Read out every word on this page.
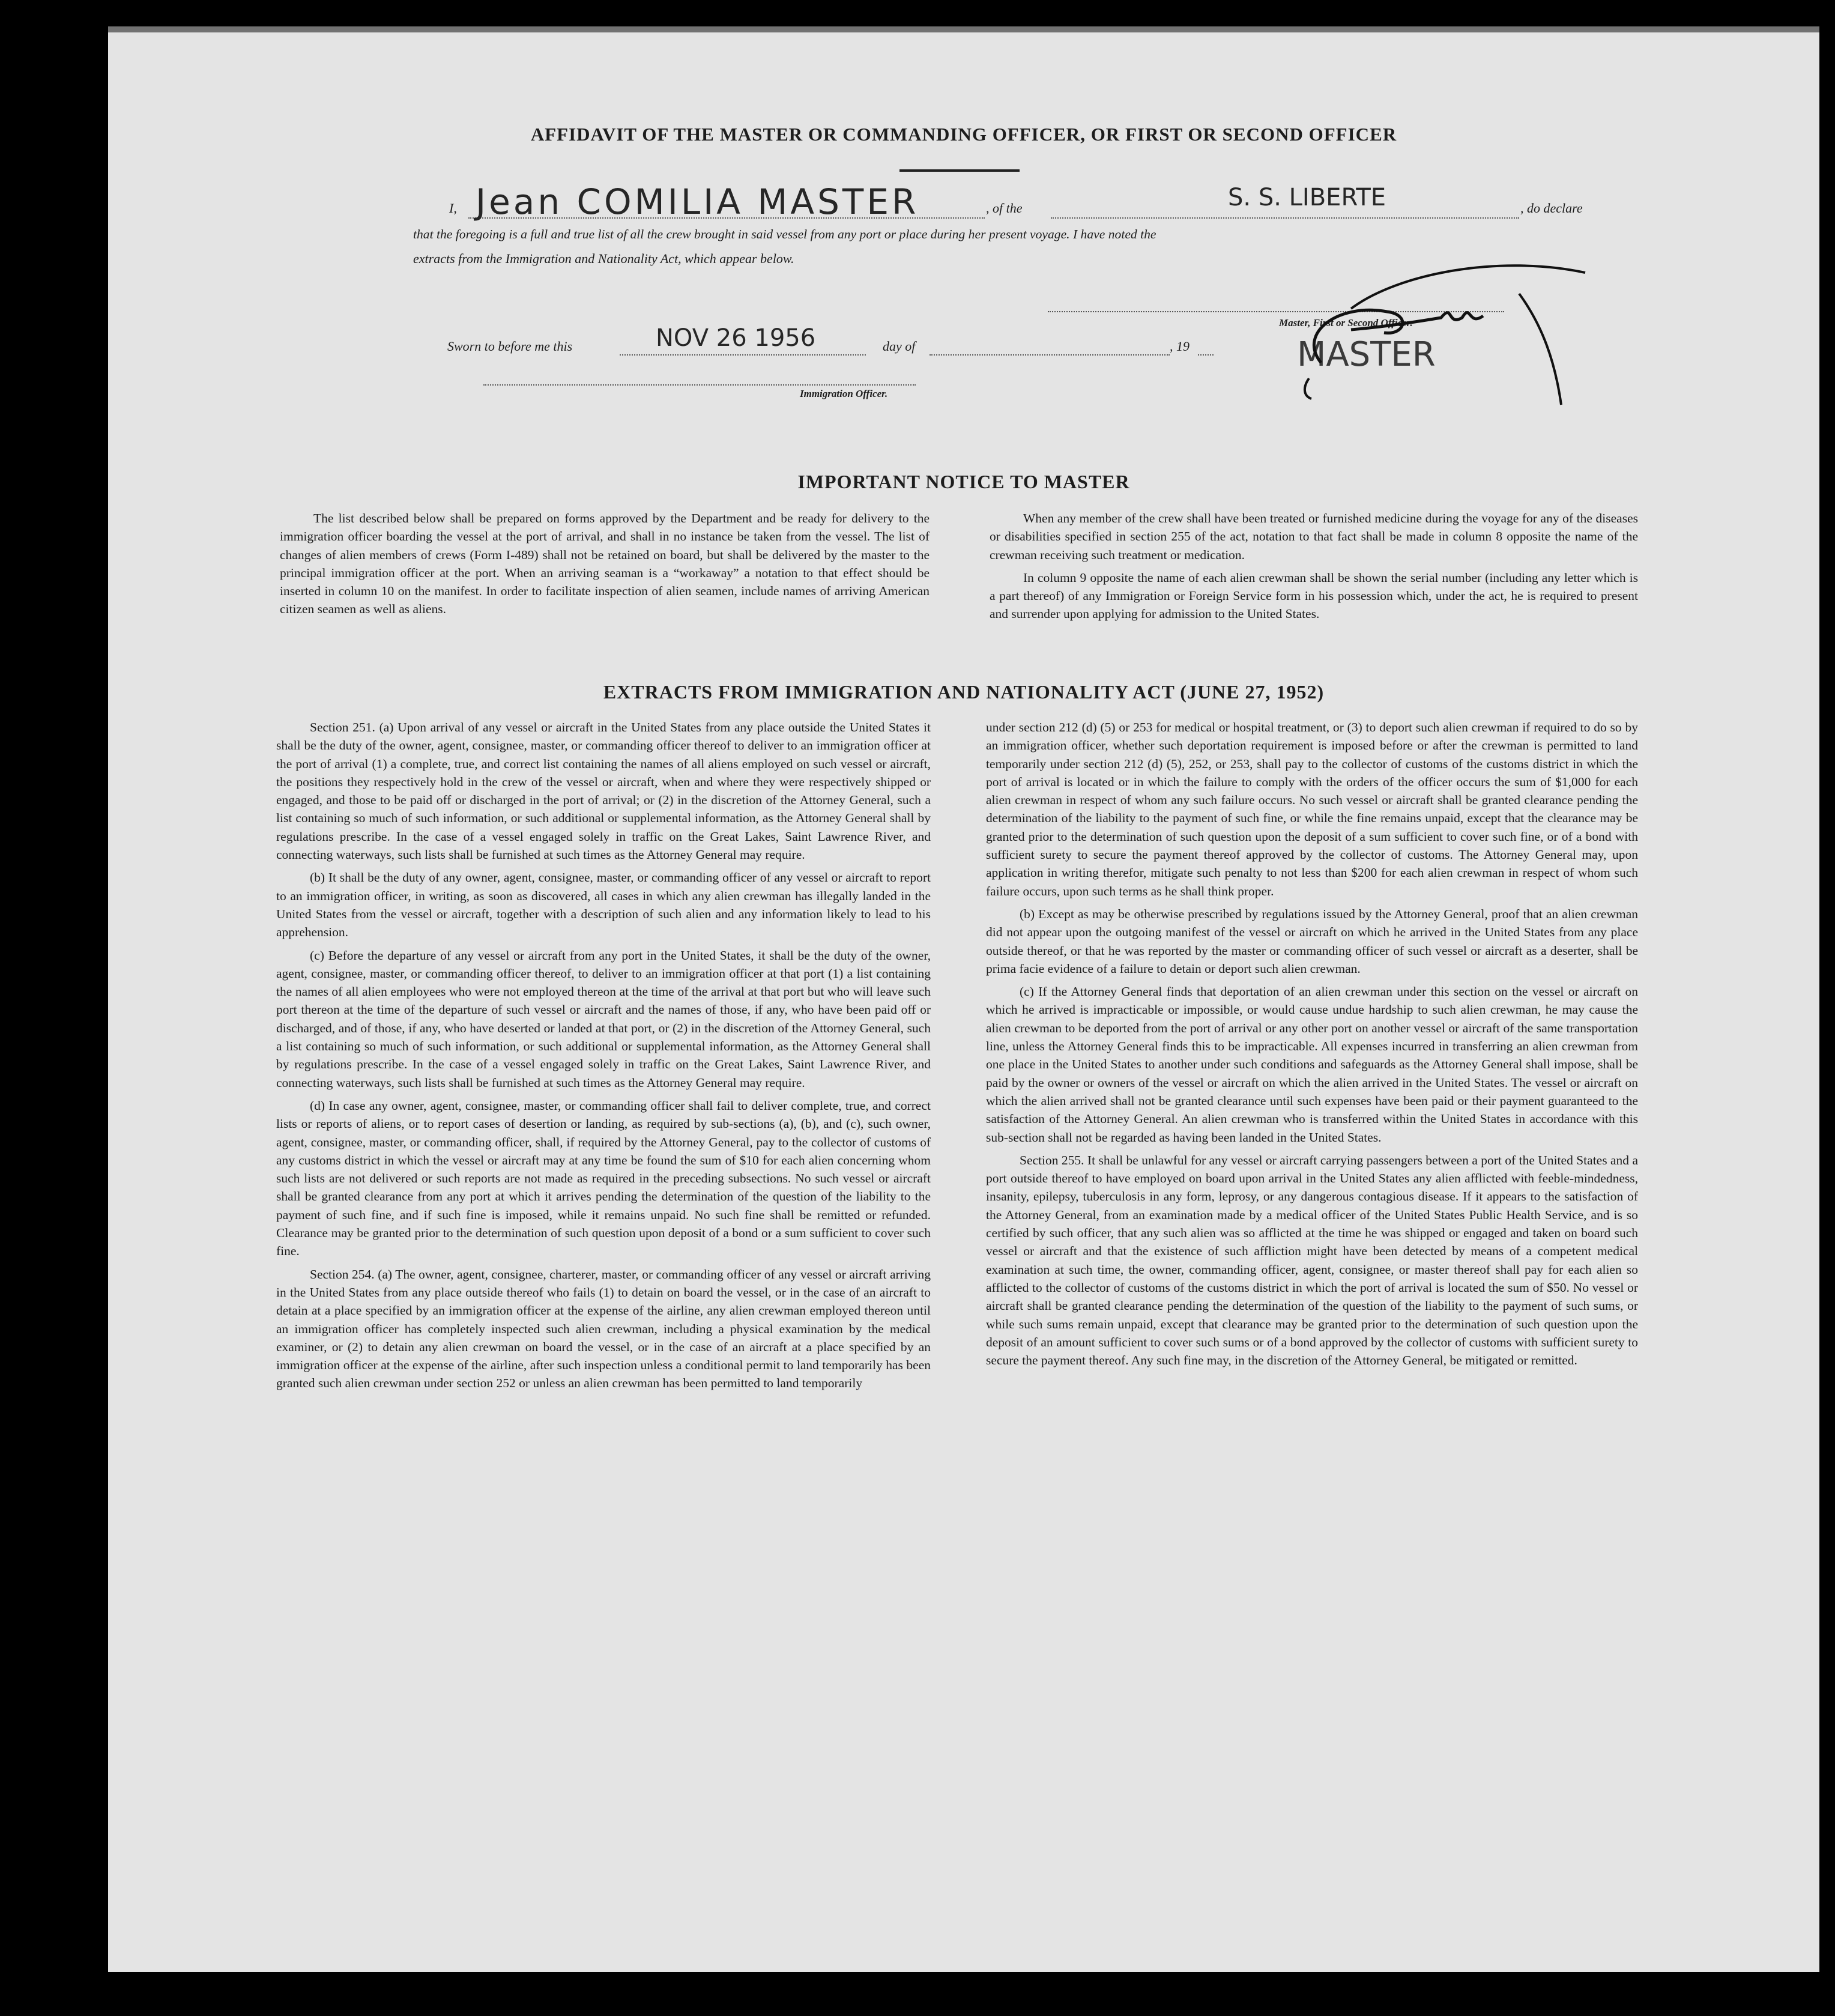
AFFIDAVIT OF THE MASTER OR COMMANDING OFFICER, OR FIRST OR SECOND OFFICER
I, Jean COMILIA MASTER	, of the	S. S. LIBERTE	, do declare
that the foregoing is a full and true list of all the crew brought in said vessel from any port or place during her present voyage. I have noted the
extracts from the Immigration and Nationality Act, which appear below.
Sworn to before me this	NOV 26 1956	day of	, 19
Master, First or Second Officer.
MASTER
Immigration Officer.
IMPORTANT NOTICE TO MASTER

The list described below shall be prepared on forms approved by the Department and be ready for delivery to the immigration officer boarding the vessel at the port of arrival, and shall in no instance be taken from the vessel. The list of changes of alien members of crews (Form I-489) shall not be retained on board, but shall be delivered by the master to the principal immigration officer at the port. When an arriving seaman is a “workaway” a notation to that effect should be inserted in column 10 on the manifest. In order to facilitate inspection of alien seamen, include names of arriving American citizen seamen as well as aliens.

When any member of the crew shall have been treated or furnished medicine during the voyage for any of the diseases or disabilities specified in section 255 of the act, notation to that fact shall be made in column 8 opposite the name of the crewman receiving such treatment or medication.

In column 9 opposite the name of each alien crewman shall be shown the serial number (including any letter which is a part thereof) of any Immigration or Foreign Service form in his possession which, under the act, he is required to present and surrender upon applying for admission to the United States.

EXTRACTS FROM IMMIGRATION AND NATIONALITY ACT (JUNE 27, 1952)

Section 251. (a) Upon arrival of any vessel or aircraft in the United States from any place outside the United States it shall be the duty of the owner, agent, consignee, master, or commanding officer thereof to deliver to an immigration officer at the port of arrival (1) a complete, true, and correct list containing the names of all aliens employed on such vessel or aircraft, the positions they respectively hold in the crew of the vessel or aircraft, when and where they were respectively shipped or engaged, and those to be paid off or discharged in the port of arrival; or (2) in the discretion of the Attorney General, such a list containing so much of such information, or such additional or supplemental information, as the Attorney General shall by regulations prescribe. In the case of a vessel engaged solely in traffic on the Great Lakes, Saint Lawrence River, and connecting waterways, such lists shall be furnished at such times as the Attorney General may require.

(b) It shall be the duty of any owner, agent, consignee, master, or commanding officer of any vessel or aircraft to report to an immigration officer, in writing, as soon as discovered, all cases in which any alien crewman has illegally landed in the United States from the vessel or aircraft, together with a description of such alien and any information likely to lead to his apprehension.

(c) Before the departure of any vessel or aircraft from any port in the United States, it shall be the duty of the owner, agent, consignee, master, or commanding officer thereof, to deliver to an immigration officer at that port (1) a list containing the names of all alien employees who were not employed thereon at the time of the arrival at that port but who will leave such port thereon at the time of the departure of such vessel or aircraft and the names of those, if any, who have been paid off or discharged, and of those, if any, who have deserted or landed at that port, or (2) in the discretion of the Attorney General, such a list containing so much of such information, or such additional or supplemental information, as the Attorney General shall by regulations prescribe. In the case of a vessel engaged solely in traffic on the Great Lakes, Saint Lawrence River, and connecting waterways, such lists shall be furnished at such times as the Attorney General may require.

(d) In case any owner, agent, consignee, master, or commanding officer shall fail to deliver complete, true, and correct lists or reports of aliens, or to report cases of desertion or landing, as required by sub-sections (a), (b), and (c), such owner, agent, consignee, master, or commanding officer, shall, if required by the Attorney General, pay to the collector of customs of any customs district in which the vessel or aircraft may at any time be found the sum of $10 for each alien concerning whom such lists are not delivered or such reports are not made as required in the preceding subsections. No such vessel or aircraft shall be granted clearance from any port at which it arrives pending the determination of the question of the liability to the payment of such fine, and if such fine is imposed, while it remains unpaid. No such fine shall be remitted or refunded. Clearance may be granted prior to the determination of such question upon deposit of a bond or a sum sufficient to cover such fine.

Section 254. (a) The owner, agent, consignee, charterer, master, or commanding officer of any vessel or aircraft arriving in the United States from any place outside thereof who fails (1) to detain on board the vessel, or in the case of an aircraft to detain at a place specified by an immigration officer at the expense of the airline, any alien crewman employed thereon until an immigration officer has completely inspected such alien crewman, including a physical examination by the medical examiner, or (2) to detain any alien crewman on board the vessel, or in the case of an aircraft at a place specified by an immigration officer at the expense of the airline, after such inspection unless a conditional permit to land temporarily has been granted such alien crewman under section 252 or unless an alien crewman has been permitted to land temporarily

under section 212 (d) (5) or 253 for medical or hospital treatment, or (3) to deport such alien crewman if required to do so by an immigration officer, whether such deportation requirement is imposed before or after the crewman is permitted to land temporarily under section 212 (d) (5), 252, or 253, shall pay to the collector of customs of the customs district in which the port of arrival is located or in which the failure to comply with the orders of the officer occurs the sum of $1,000 for each alien crewman in respect of whom any such failure occurs. No such vessel or aircraft shall be granted clearance pending the determination of the liability to the payment of such fine, or while the fine remains unpaid, except that the clearance may be granted prior to the determination of such question upon the deposit of a sum sufficient to cover such fine, or of a bond with sufficient surety to secure the payment thereof approved by the collector of customs. The Attorney General may, upon application in writing therefor, mitigate such penalty to not less than $200 for each alien crewman in respect of whom such failure occurs, upon such terms as he shall think proper.

(b) Except as may be otherwise prescribed by regulations issued by the Attorney General, proof that an alien crewman did not appear upon the outgoing manifest of the vessel or aircraft on which he arrived in the United States from any place outside thereof, or that he was reported by the master or commanding officer of such vessel or aircraft as a deserter, shall be prima facie evidence of a failure to detain or deport such alien crewman.

(c) If the Attorney General finds that deportation of an alien crewman under this section on the vessel or aircraft on which he arrived is impracticable or impossible, or would cause undue hardship to such alien crewman, he may cause the alien crewman to be deported from the port of arrival or any other port on another vessel or aircraft of the same transportation line, unless the Attorney General finds this to be impracticable. All expenses incurred in transferring an alien crewman from one place in the United States to another under such conditions and safeguards as the Attorney General shall impose, shall be paid by the owner or owners of the vessel or aircraft on which the alien arrived in the United States. The vessel or aircraft on which the alien arrived shall not be granted clearance until such expenses have been paid or their payment guaranteed to the satisfaction of the Attorney General. An alien crewman who is transferred within the United States in accordance with this sub-section shall not be regarded as having been landed in the United States.

Section 255. It shall be unlawful for any vessel or aircraft carrying passengers between a port of the United States and a port outside thereof to have employed on board upon arrival in the United States any alien afflicted with feeble-mindedness, insanity, epilepsy, tuberculosis in any form, leprosy, or any dangerous contagious disease. If it appears to the satisfaction of the Attorney General, from an examination made by a medical officer of the United States Public Health Service, and is so certified by such officer, that any such alien was so afflicted at the time he was shipped or engaged and taken on board such vessel or aircraft and that the existence of such affliction might have been detected by means of a competent medical examination at such time, the owner, commanding officer, agent, consignee, or master thereof shall pay for each alien so afflicted to the collector of customs of the customs district in which the port of arrival is located the sum of $50. No vessel or aircraft shall be granted clearance pending the determination of the question of the liability to the payment of such sums, or while such sums remain unpaid, except that clearance may be granted prior to the determination of such question upon the deposit of an amount sufficient to cover such sums or of a bond approved by the collector of customs with sufficient surety to secure the payment thereof. Any such fine may, in the discretion of the Attorney General, be mitigated or remitted.
